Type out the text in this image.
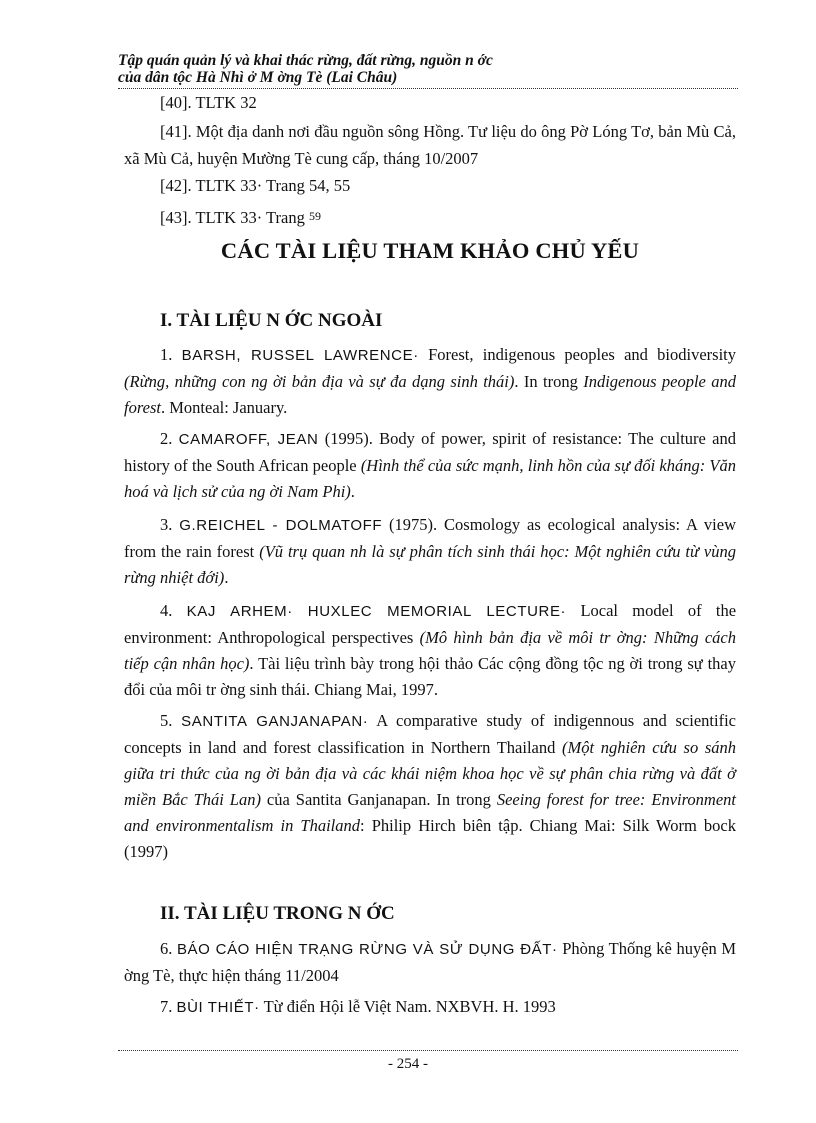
Tập quán quản lý và khai thác rừng, đất rừng, nguồn n ớc
của dân tộc Hà Nhì ở M ờng Tè (Lai Châu)

[40]. TLTK 32

[41]. Một địa danh nơi đầu nguồn sông Hồng. Tư liệu do ông Pờ Lóng Tơ, bản Mù Cả, xã Mù Cả, huyện Mường Tè cung cấp, tháng 10/2007

[42]. TLTK 33· Trang 54, 55

[43]. TLTK 33· Trang $^{59}$

CÁC TÀI LIỆU THAM KHẢO CHỦ YẾU
I. TÀI LIỆU N ỚC NGOÀI

1. BARSH, RUSSEL LAWRENCE· Forest, indigenous peoples and biodiversity (Rừng, những con ng ời bản địa và sự đa dạng sinh thái). In trong Indigenous people and forest. Monteal: January.

2. CAMAROFF, JEAN (1995). Body of power, spirit of resistance: The culture and history of the South African people (Hình thể của sức mạnh, linh hồn của sự đối kháng: Văn hoá và lịch sử của ng ời Nam Phi).

3. G.REICHEL - DOLMATOFF (1975). Cosmology as ecological analysis: A view from the rain forest (Vũ trụ quan nh là sự phân tích sinh thái học: Một nghiên cứu từ vùng rừng nhiệt đới).

4. KAJ ARHEM· HUXLEC MEMORIAL LECTURE· Local model of the environment: Anthropological perspectives (Mô hình bản địa về môi tr ờng: Những cách tiếp cận nhân học). Tài liệu trình bày trong hội thảo Các cộng đồng tộc ng ời trong sự thay đổi của môi tr ờng sinh thái. Chiang Mai, 1997.

5. SANTITA GANJANAPAN· A comparative study of indigennous and scientific concepts in land and forest classification in Northern Thailand (Một nghiên cứu so sánh giữa tri thức của ng ời bản địa và các khái niệm khoa học về sự phân chia rừng và đất ở miền Bắc Thái Lan) của Santita Ganjanapan. In trong Seeing forest for tree: Environment and environmentalism in Thailand: Philip Hirch biên tập. Chiang Mai: Silk Worm bock (1997)

II. TÀI LIỆU TRONG N ỚC

6. BÁO CÁO HIỆN TRẠNG RỪNG VÀ SỬ DỤNG ĐẤT· Phòng Thống kê huyện M ờng Tè, thực hiện tháng 11/2004

7. BÙI THIẾT· Từ điển Hội lễ Việt Nam. NXBVH. H. 1993

- 254 -
